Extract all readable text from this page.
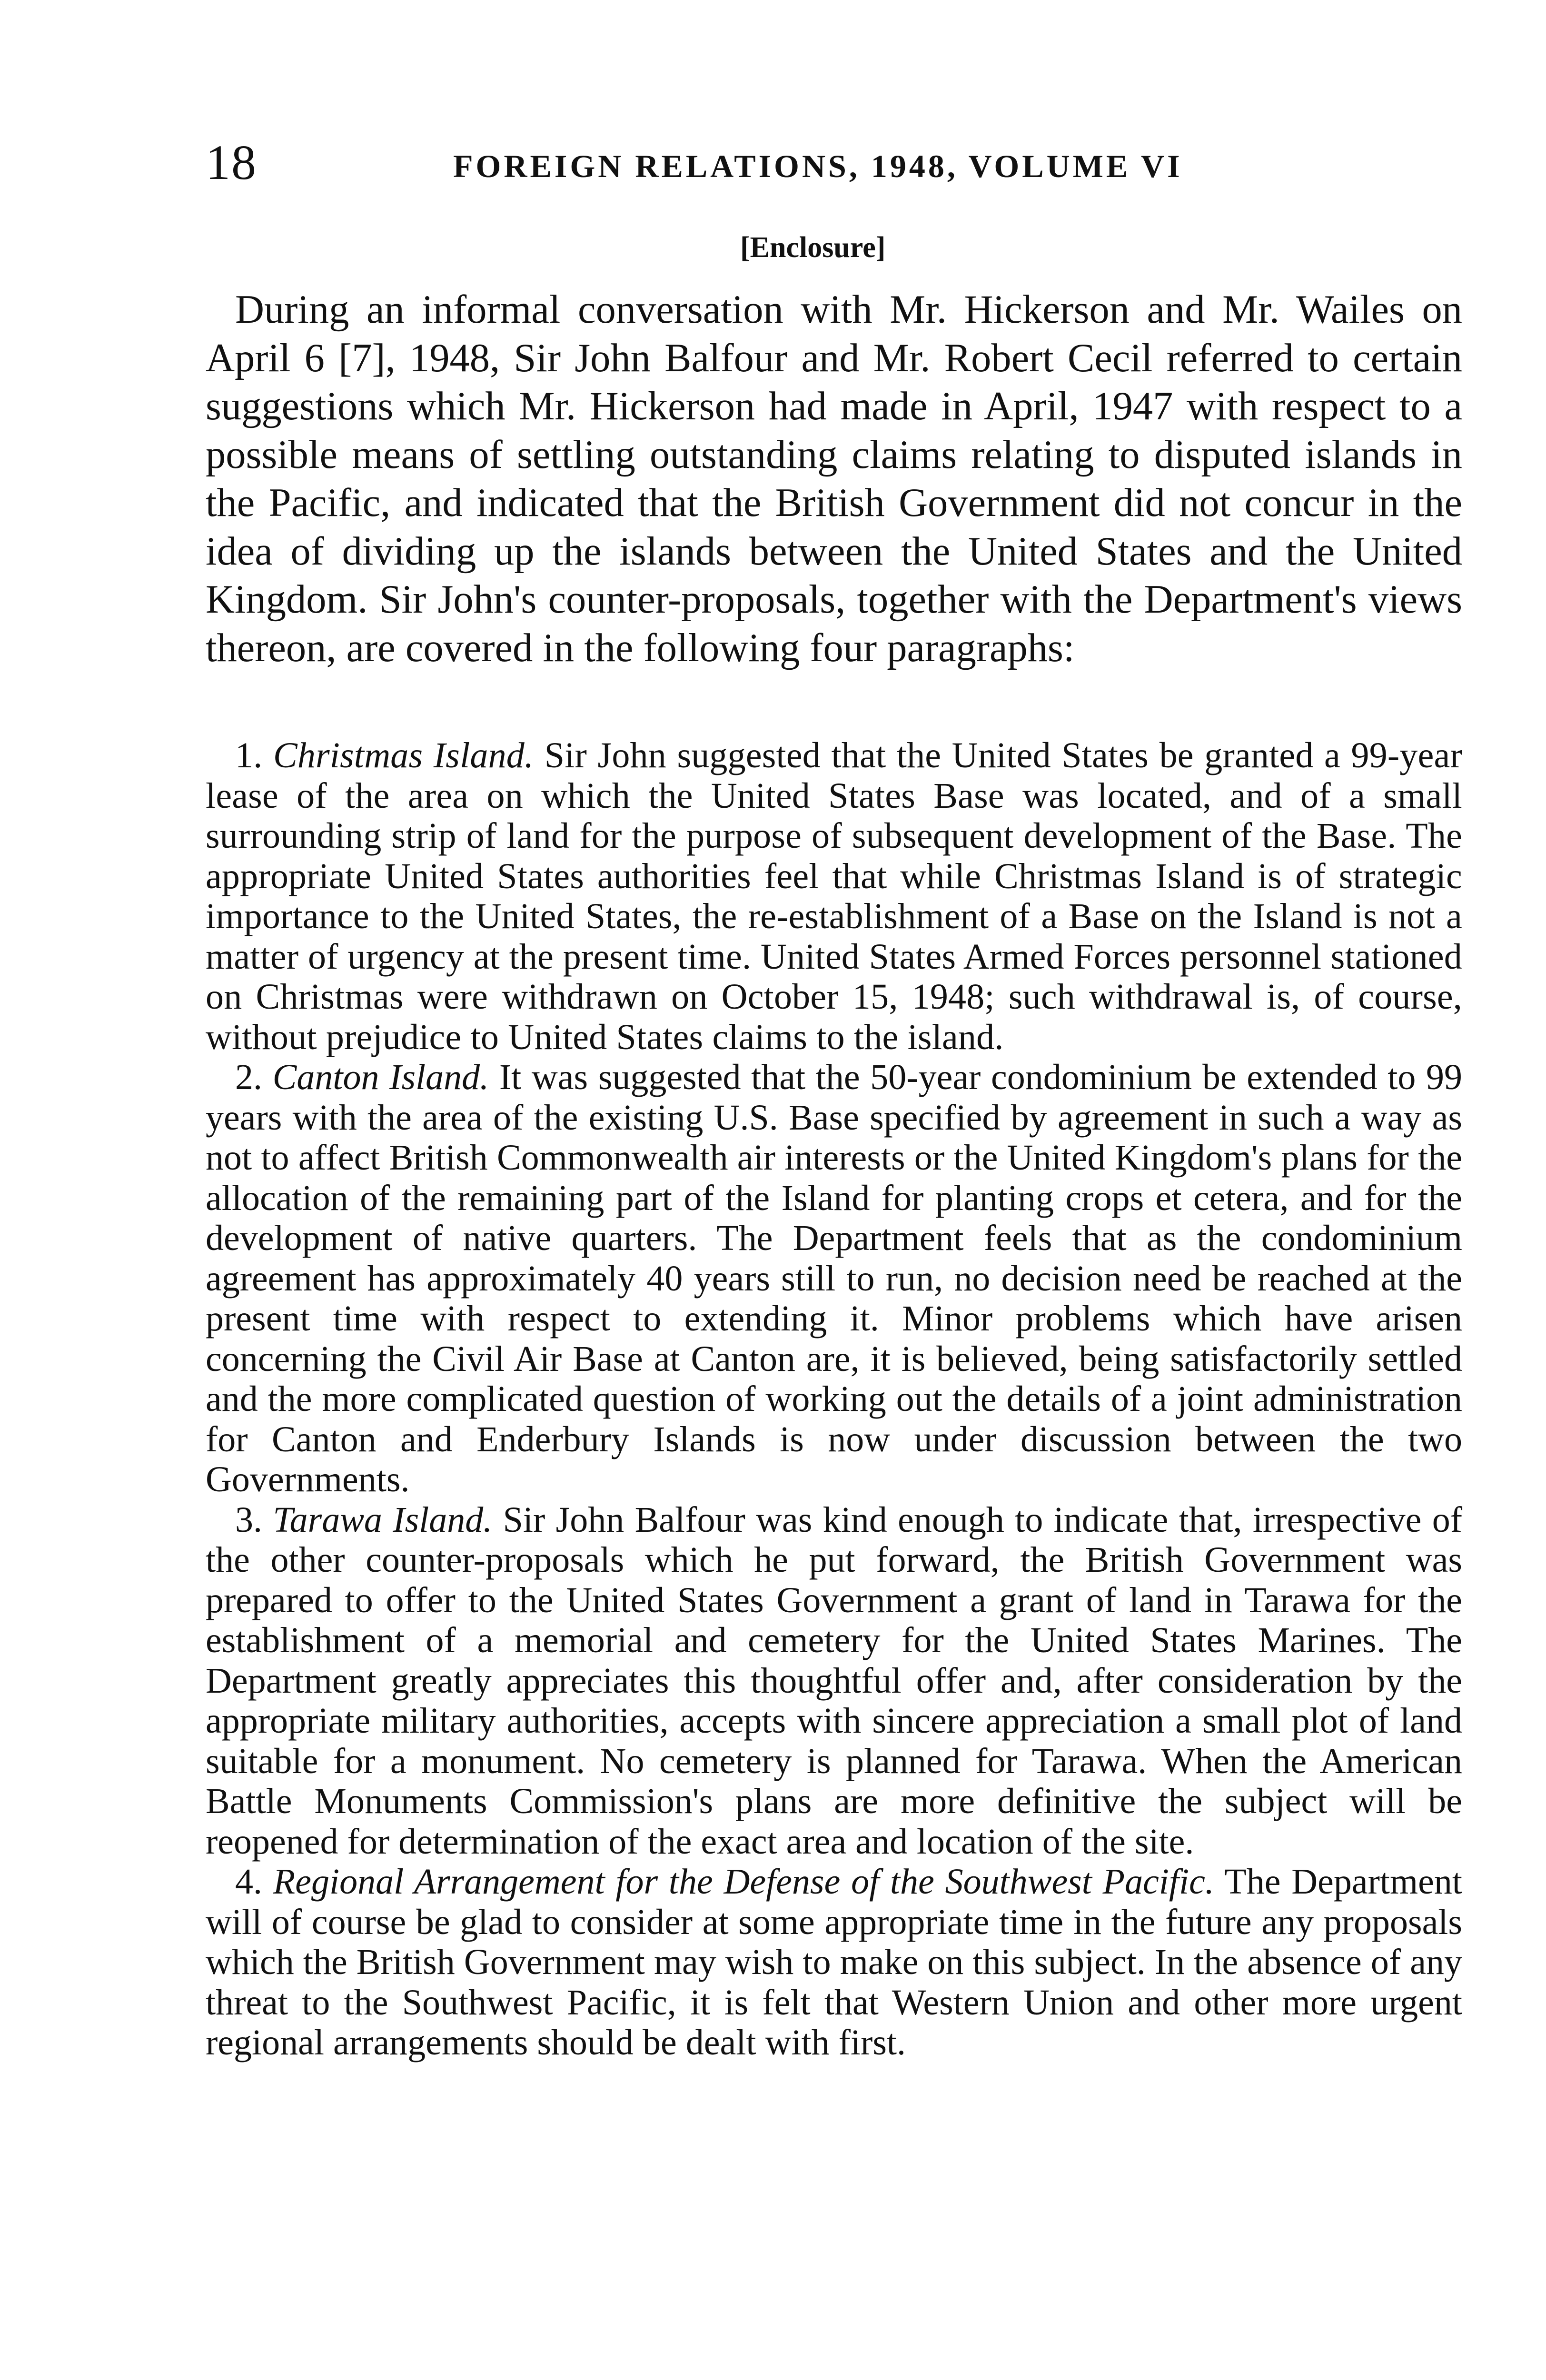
18	FOREIGN RELATIONS, 1948, VOLUME VI
[Enclosure]

During an informal conversation with Mr. Hickerson and Mr. Wailes on April 6 [7], 1948, Sir John Balfour and Mr. Robert Cecil referred to certain suggestions which Mr. Hickerson had made in April, 1947 with respect to a possible means of settling outstanding claims relating to disputed islands in the Pacific, and indicated that the British Government did not concur in the idea of dividing up the islands between the United States and the United Kingdom. Sir John's counter-proposals, together with the Department's views thereon, are covered in the following four paragraphs:

1. Christmas Island. Sir John suggested that the United States be granted a 99-year lease of the area on which the United States Base was located, and of a small surrounding strip of land for the purpose of subsequent development of the Base. The appropriate United States authorities feel that while Christmas Island is of strategic importance to the United States, the re-establishment of a Base on the Island is not a matter of urgency at the present time. United States Armed Forces personnel stationed on Christmas were withdrawn on October 15, 1948; such withdrawal is, of course, without prejudice to United States claims to the island.

2. Canton Island. It was suggested that the 50-year condominium be extended to 99 years with the area of the existing U.S. Base specified by agreement in such a way as not to affect British Commonwealth air interests or the United Kingdom's plans for the allocation of the remaining part of the Island for planting crops et cetera, and for the development of native quarters. The Department feels that as the condominium agreement has approximately 40 years still to run, no decision need be reached at the present time with respect to extending it. Minor problems which have arisen concerning the Civil Air Base at Canton are, it is believed, being satisfactorily settled and the more complicated question of working out the details of a joint administration for Canton and Enderbury Islands is now under discussion between the two Governments.

3. Tarawa Island. Sir John Balfour was kind enough to indicate that, irrespective of the other counter-proposals which he put forward, the British Government was prepared to offer to the United States Government a grant of land in Tarawa for the establishment of a memorial and cemetery for the United States Marines. The Department greatly appreciates this thoughtful offer and, after consideration by the appropriate military authorities, accepts with sincere appreciation a small plot of land suitable for a monument. No cemetery is planned for Tarawa. When the American Battle Monuments Commission's plans are more definitive the subject will be reopened for determination of the exact area and location of the site.

4. Regional Arrangement for the Defense of the Southwest Pacific. The Department will of course be glad to consider at some appropriate time in the future any proposals which the British Government may wish to make on this subject. In the absence of any threat to the Southwest Pacific, it is felt that Western Union and other more urgent regional arrangements should be dealt with first.
